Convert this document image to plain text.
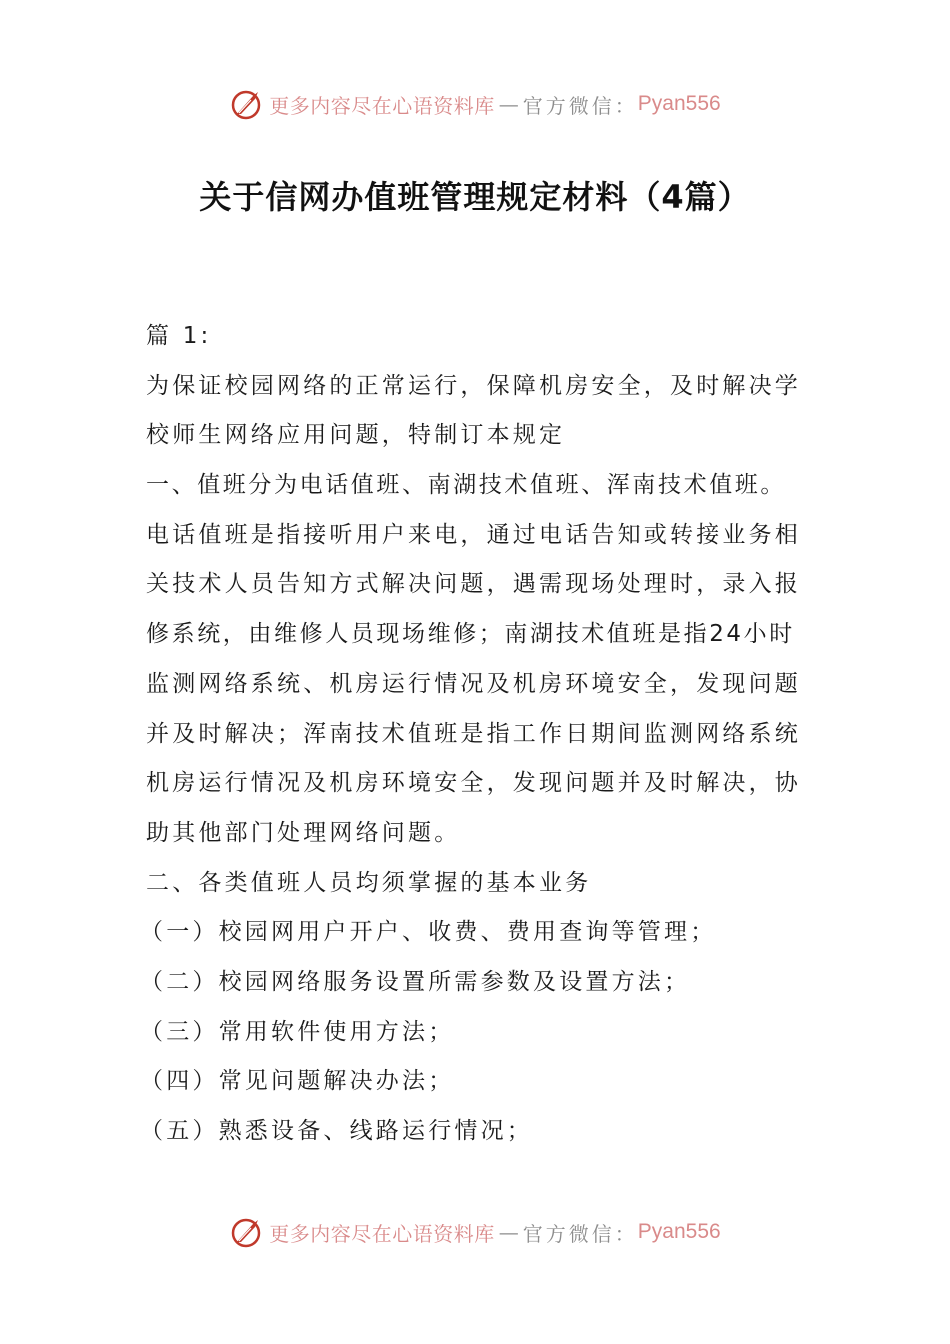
更多内容尽在心语资料库 — 官方微信： Pyan556
关于信网办值班管理规定材料（4篇）

篇 1:

为保证校园网络的正常运行，保障机房安全，及时解决学

校师生网络应用问题，特制订本规定

一、值班分为电话值班、南湖技术值班、浑南技术值班。

电话值班是指接听用户来电，通过电话告知或转接业务相

关技术人员告知方式解决问题，遇需现场处理时，录入报

修系统，由维修人员现场维修；南湖技术值班是指24小时

监测网络系统、机房运行情况及机房环境安全，发现问题

并及时解决；浑南技术值班是指工作日期间监测网络系统

机房运行情况及机房环境安全，发现问题并及时解决，协

助其他部门处理网络问题。

二、各类值班人员均须掌握的基本业务

（一）校园网用户开户、收费、费用查询等管理；

（二）校园网络服务设置所需参数及设置方法；

（三）常用软件使用方法；

（四）常见问题解决办法；

（五）熟悉设备、线路运行情况；

更多内容尽在心语资料库 — 官方微信： Pyan556
